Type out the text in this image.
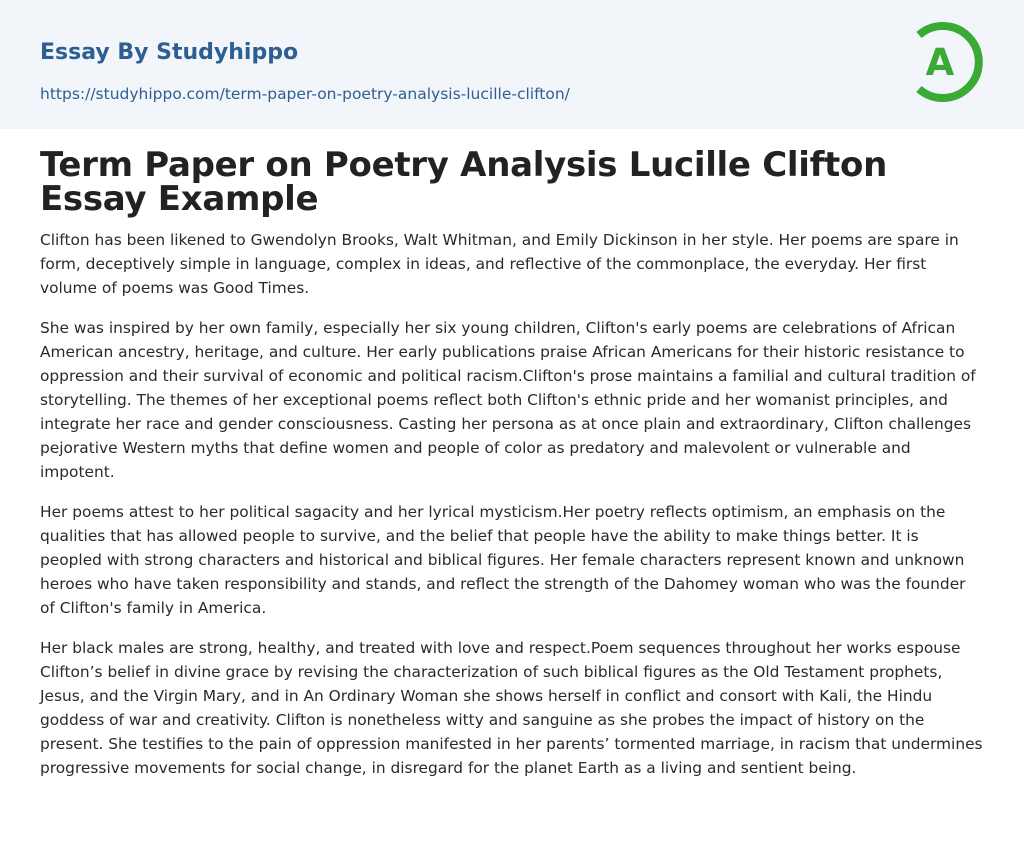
Essay By Studyhippo
https://studyhippo.com/term-paper-on-poetry-analysis-lucille-clifton/
A
Term Paper on Poetry Analysis Lucille Clifton Essay Example

Clifton has been likened to Gwendolyn Brooks, Walt Whitman, and Emily Dickinson in her style. Her poems are spare in form, deceptively simple in language, complex in ideas, and reflective of the commonplace, the everyday. Her first volume of poems was Good Times.

She was inspired by her own family, especially her six young children, Clifton's early poems are celebrations of African American ancestry, heritage, and culture. Her early publications praise African Americans for their historic resistance to oppression and their survival of economic and political racism.Clifton's prose maintains a familial and cultural tradition of storytelling. The themes of her exceptional poems reflect both Clifton's ethnic pride and her womanist principles, and integrate her race and gender consciousness. Casting her persona as at once plain and extraordinary, Clifton challenges pejorative Western myths that define women and people of color as predatory and malevolent or vulnerable and impotent.

Her poems attest to her political sagacity and her lyrical mysticism.Her poetry reflects optimism, an emphasis on the qualities that has allowed people to survive, and the belief that people have the ability to make things better. It is peopled with strong characters and historical and biblical figures. Her female characters represent known and unknown heroes who have taken responsibility and stands, and reflect the strength of the Dahomey woman who was the founder of Clifton's family in America.

Her black males are strong, healthy, and treated with love and respect.Poem sequences throughout her works espouse Clifton’s belief in divine grace by revising the characterization of such biblical figures as the Old Testament prophets, Jesus, and the Virgin Mary, and in An Ordinary Woman she shows herself in conflict and consort with Kali, the Hindu goddess of war and creativity. Clifton is nonetheless witty and sanguine as she probes the impact of history on the present. She testifies to the pain of oppression manifested in her parents’ tormented marriage, in racism that undermines progressive movements for social change, in disregard for the planet Earth as a living and sentient being.
